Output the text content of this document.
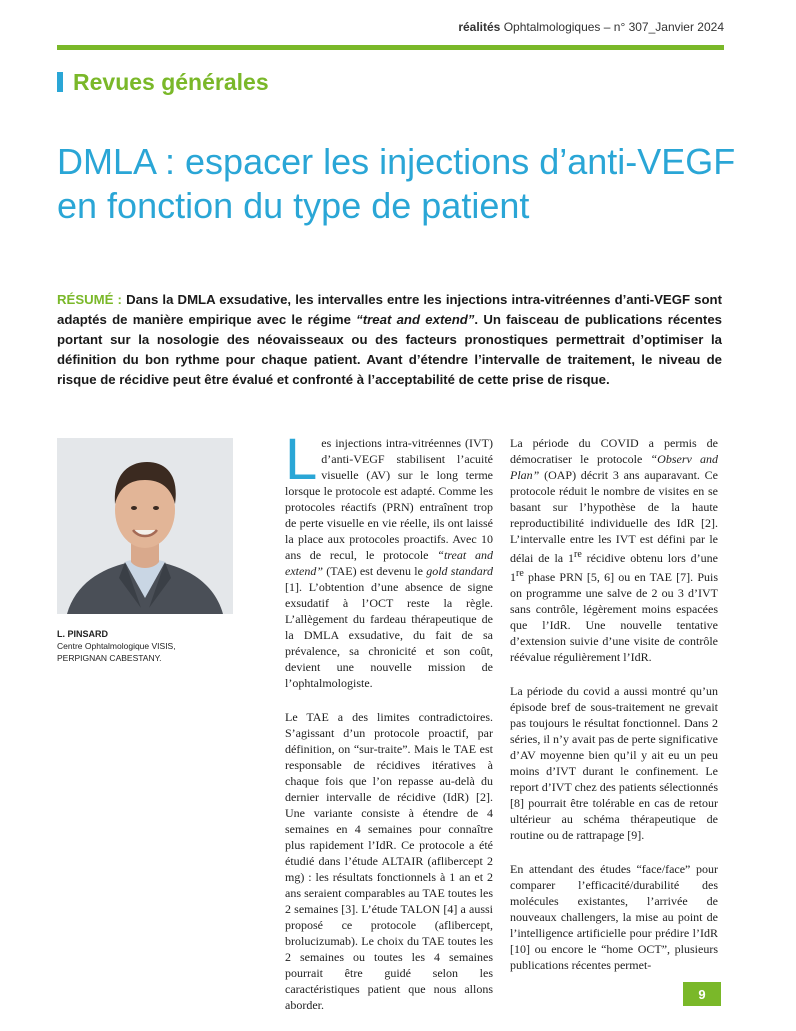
réalités Ophtalmologiques – n° 307_Janvier 2024
Revues générales
DMLA : espacer les injections d’anti-VEGF en fonction du type de patient
RÉSUMÉ : Dans la DMLA exsudative, les intervalles entre les injections intra-vitréennes d’anti-VEGF sont adaptés de manière empirique avec le régime “treat and extend”. Un faisceau de publications récentes portant sur la nosologie des néovaisseaux ou des facteurs pronostiques permettrait d’optimiser la définition du bon rythme pour chaque patient. Avant d’étendre l’intervalle de traitement, le niveau de risque de récidive peut être évalué et confronté à l’acceptabilité de cette prise de risque.
L. PINSARD
Centre Ophtalmologique VISIS,
PERPIGNAN CABESTANY.

Les injections intra-vitréennes (IVT) d’anti-VEGF stabilisent l’acuité visuelle (AV) sur le long terme lorsque le protocole est adapté. Comme les protocoles réactifs (PRN) entraînent trop de perte visuelle en vie réelle, ils ont laissé la place aux protocoles proactifs. Avec 10 ans de recul, le protocole “treat and extend” (TAE) est devenu le gold standard [1]. L’obtention d’une absence de signe exsudatif à l’OCT reste la règle. L’allègement du fardeau thérapeutique de la DMLA exsudative, du fait de sa prévalence, sa chronicité et son coût, devient une nouvelle mission de l’ophtalmologiste.

Le TAE a des limites contradictoires. S’agissant d’un protocole proactif, par définition, on “sur-traite”. Mais le TAE est responsable de récidives itératives à chaque fois que l’on repasse au-delà du dernier intervalle de récidive (IdR) [2]. Une variante consiste à étendre de 4 semaines en 4 semaines pour connaître plus rapidement l’IdR. Ce protocole a été étudié dans l’étude ALTAIR (aflibercept 2 mg) : les résultats fonctionnels à 1 an et 2 ans seraient comparables au TAE toutes les 2 semaines [3]. L’étude TALON [4] a aussi proposé ce protocole (aflibercept, brolucizumab). Le choix du TAE toutes les 2 semaines ou toutes les 4 semaines pourrait être guidé selon les caractéristiques patient que nous allons aborder.

La période du COVID a permis de démocratiser le protocole “Observ and Plan” (OAP) décrit 3 ans auparavant. Ce protocole réduit le nombre de visites en se basant sur l’hypothèse de la haute reproductibilité individuelle des IdR [2]. L’intervalle entre les IVT est défini par le délai de la 1re récidive obtenu lors d’une 1re phase PRN [5, 6] ou en TAE [7]. Puis on programme une salve de 2 ou 3 d’IVT sans contrôle, légèrement moins espacées que l’IdR. Une nouvelle tentative d’extension suivie d’une visite de contrôle réévalue régulièrement l’IdR.

La période du covid a aussi montré qu’un épisode bref de sous-traitement ne grevait pas toujours le résultat fonctionnel. Dans 2 séries, il n’y avait pas de perte significative d’AV moyenne bien qu’il y ait eu un peu moins d’IVT durant le confinement. Le report d’IVT chez des patients sélectionnés [8] pourrait être tolérable en cas de retour ultérieur au schéma thérapeutique de routine ou de rattrapage [9].

En attendant des études “face/face” pour comparer l’efficacité/durabilité des molécules existantes, l’arrivée de nouveaux challengers, la mise au point de l’intelligence artificielle pour prédire l’IdR [10] ou encore le “home OCT”, plusieurs publications récentes permet-

9
